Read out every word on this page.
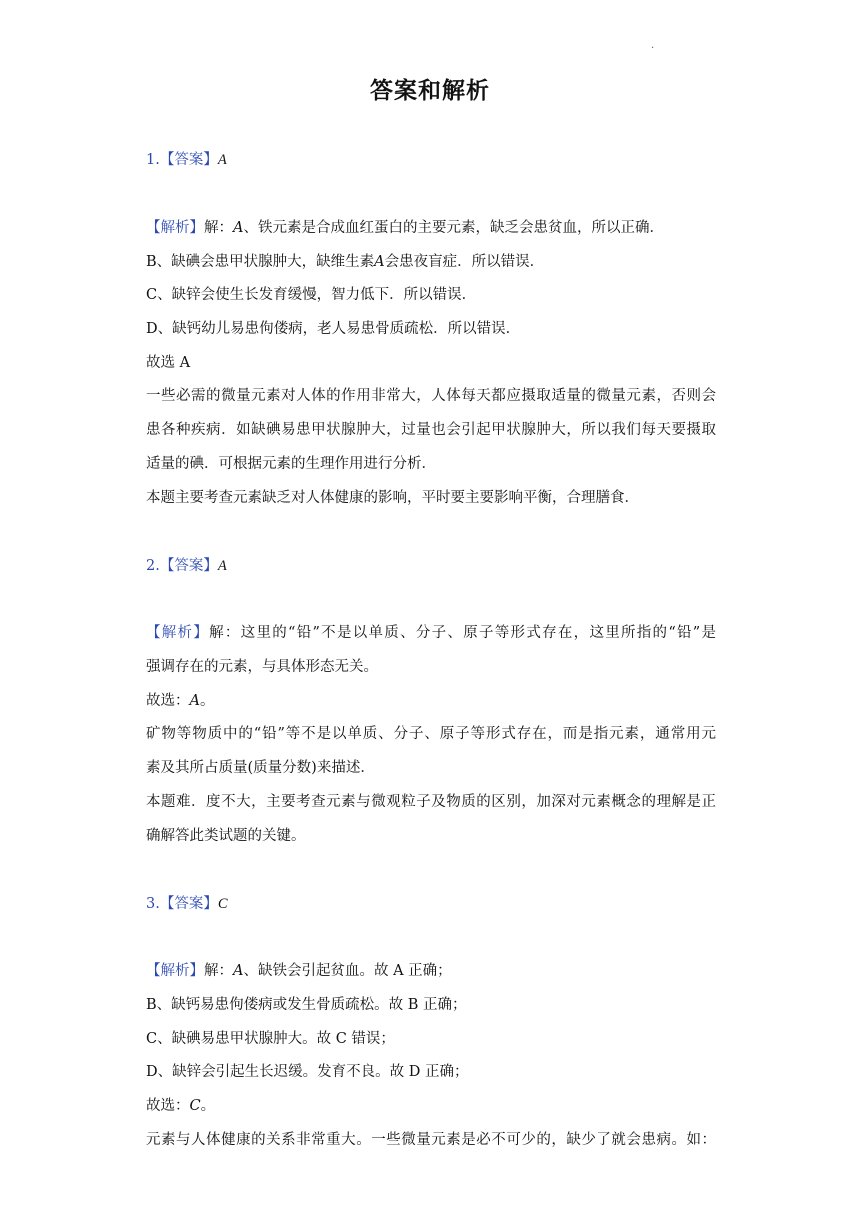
.
答案和解析
1.【答案】A
【解析】解：𝐴、铁元素是合成血红蛋白的主要元素，缺乏会患贫血，所以正确．
B、缺碘会患甲状腺肿大，缺维生素𝐴会患夜盲症．所以错误．
C、缺锌会使生长发育缓慢，智力低下．所以错误．
D、缺钙幼儿易患佝偻病，老人易患骨质疏松．所以错误．
故选 A
一些必需的微量元素对人体的作用非常大，人体每天都应摄取适量的微量元素，否则会
患各种疾病．如缺碘易患甲状腺肿大，过量也会引起甲状腺肿大，所以我们每天要摄取
适量的碘．可根据元素的生理作用进行分析．
本题主要考查元素缺乏对人体健康的影响，平时要主要影响平衡，合理膳食．
2.【答案】A
【解析】解：这里的“铅”不是以单质、分子、原子等形式存在，这里所指的“铅”是
强调存在的元素，与具体形态无关。
故选：𝐴。
矿物等物质中的“铅”等不是以单质、分子、原子等形式存在，而是指元素，通常用元
素及其所占质量(质量分数)来描述．
本题难．度不大，主要考查元素与微观粒子及物质的区别，加深对元素概念的理解是正
确解答此类试题的关键。
3.【答案】C
【解析】解：𝐴、缺铁会引起贫血。故 A 正确；
B、缺钙易患佝偻病或发生骨质疏松。故 B 正确；
C、缺碘易患甲状腺肿大。故 C 错误；
D、缺锌会引起生长迟缓。发育不良。故 D 正确；
故选：𝐶。
元素与人体健康的关系非常重大。一些微量元素是必不可少的，缺少了就会患病。如：
